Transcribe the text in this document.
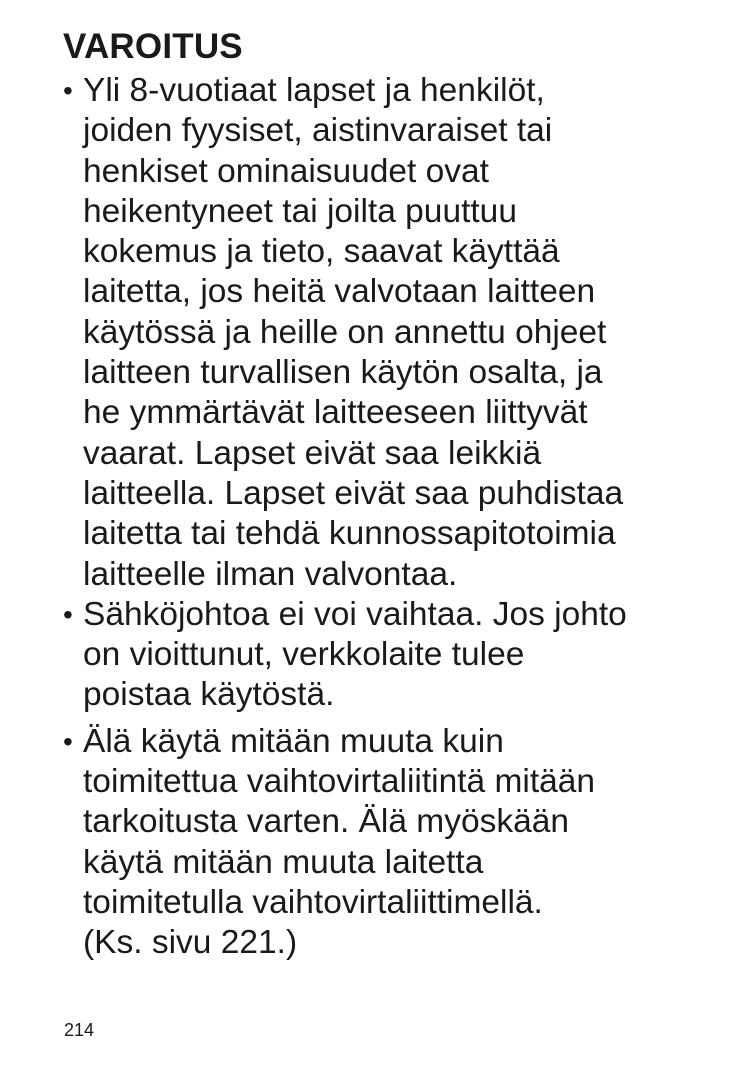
VAROITUS
• Yli 8-vuotiaat lapset ja henkilöt,
joiden fyysiset, aistinvaraiset tai
henkiset ominaisuudet ovat
heikentyneet tai joilta puuttuu
kokemus ja tieto, saavat käyttää
laitetta, jos heitä valvotaan laitteen
käytössä ja heille on annettu ohjeet
laitteen turvallisen käytön osalta, ja
he ymmärtävät laitteeseen liittyvät
vaarat. Lapset eivät saa leikkiä
laitteella. Lapset eivät saa puhdistaa
laitetta tai tehdä kunnossapitotoimia
laitteelle ilman valvontaa.
• Sähköjohtoa ei voi vaihtaa. Jos johto
on vioittunut, verkkolaite tulee
poistaa käytöstä.
• Älä käytä mitään muuta kuin
toimitettua vaihtovirtaliitintä mitään
tarkoitusta varten. Älä myöskään
käytä mitään muuta laitetta
toimitetulla vaihtovirtaliittimellä.
(Ks. sivu 221.)
214
